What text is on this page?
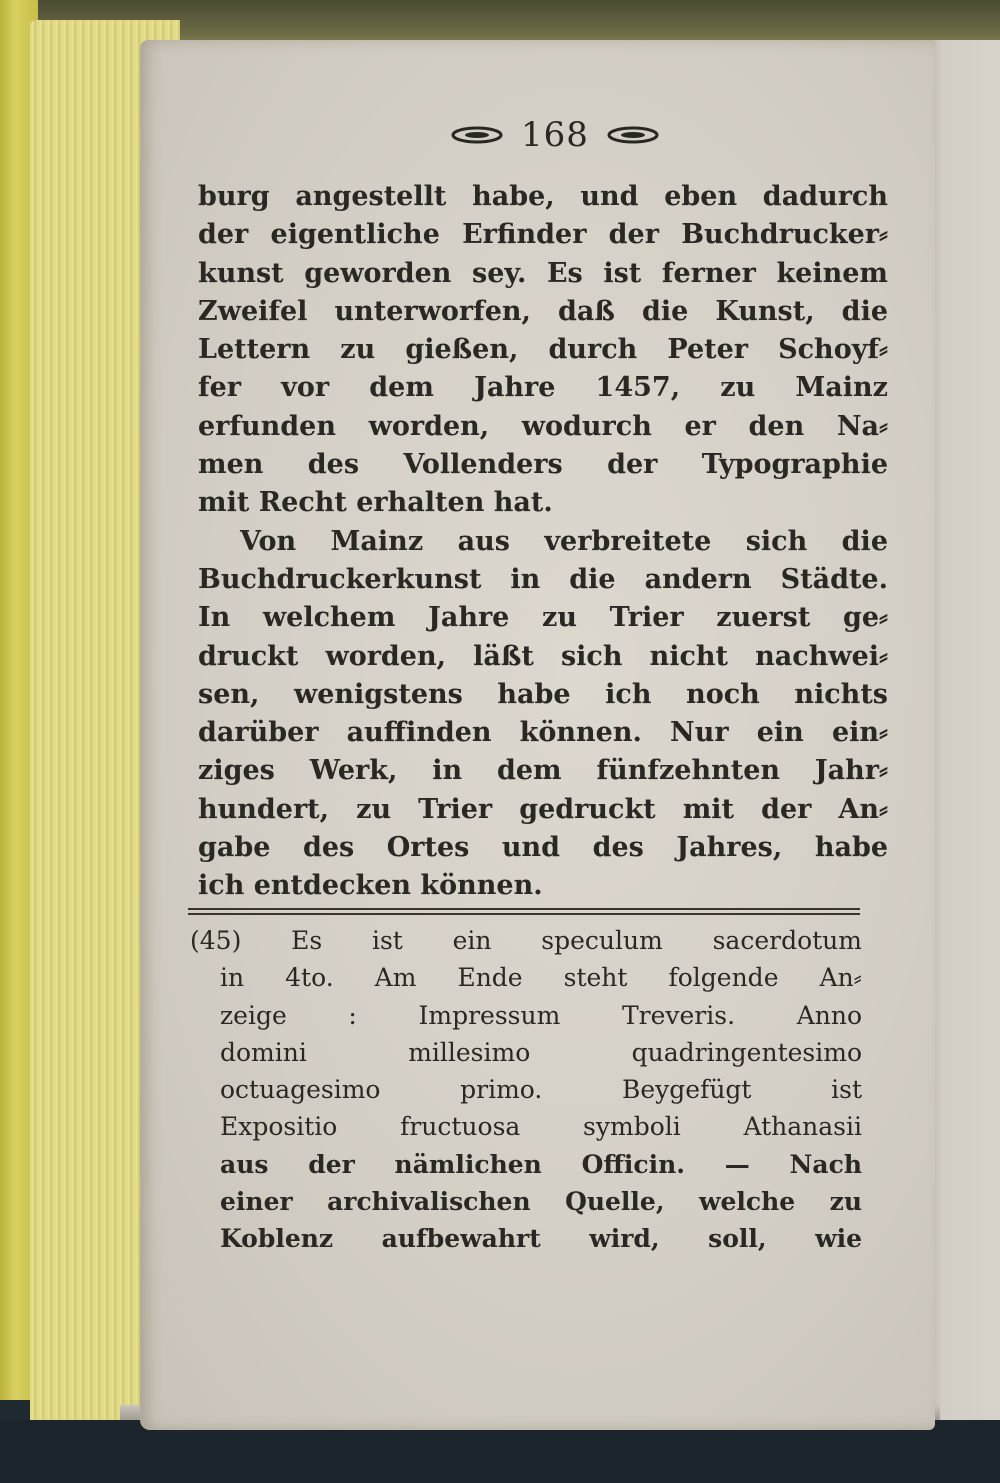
168
burg angestellt habe, und eben dadurch
der eigentliche Erfinder der Buchdrucker⸗
kunst geworden sey. Es ist ferner keinem
Zweifel unterworfen, daß die Kunst, die
Lettern zu gießen, durch Peter Schoyf⸗
fer vor dem Jahre 1457, zu Mainz
erfunden worden, wodurch er den Na⸗
men des Vollenders der Typographie
mit Recht erhalten hat.
Von Mainz aus verbreitete sich die
Buchdruckerkunst in die andern Städte.
In welchem Jahre zu Trier zuerst ge⸗
druckt worden, läßt sich nicht nachwei⸗
sen, wenigstens habe ich noch nichts
darüber auffinden können. Nur ein ein⸗
ziges Werk, in dem fünfzehnten Jahr⸗
hundert, zu Trier gedruckt mit der An⸗
gabe des Ortes und des Jahres, habe
ich entdecken können.
(45) Es ist ein speculum sacerdotum
in 4to. Am Ende steht folgende An⸗
zeige : Impressum Treveris. Anno
domini millesimo quadringentesimo
octuagesimo primo. Beygefügt ist
Expositio fructuosa symboli Athanasii
aus der nämlichen Officin. — Nach
einer archivalischen Quelle, welche zu
Koblenz aufbewahrt wird, soll, wie
